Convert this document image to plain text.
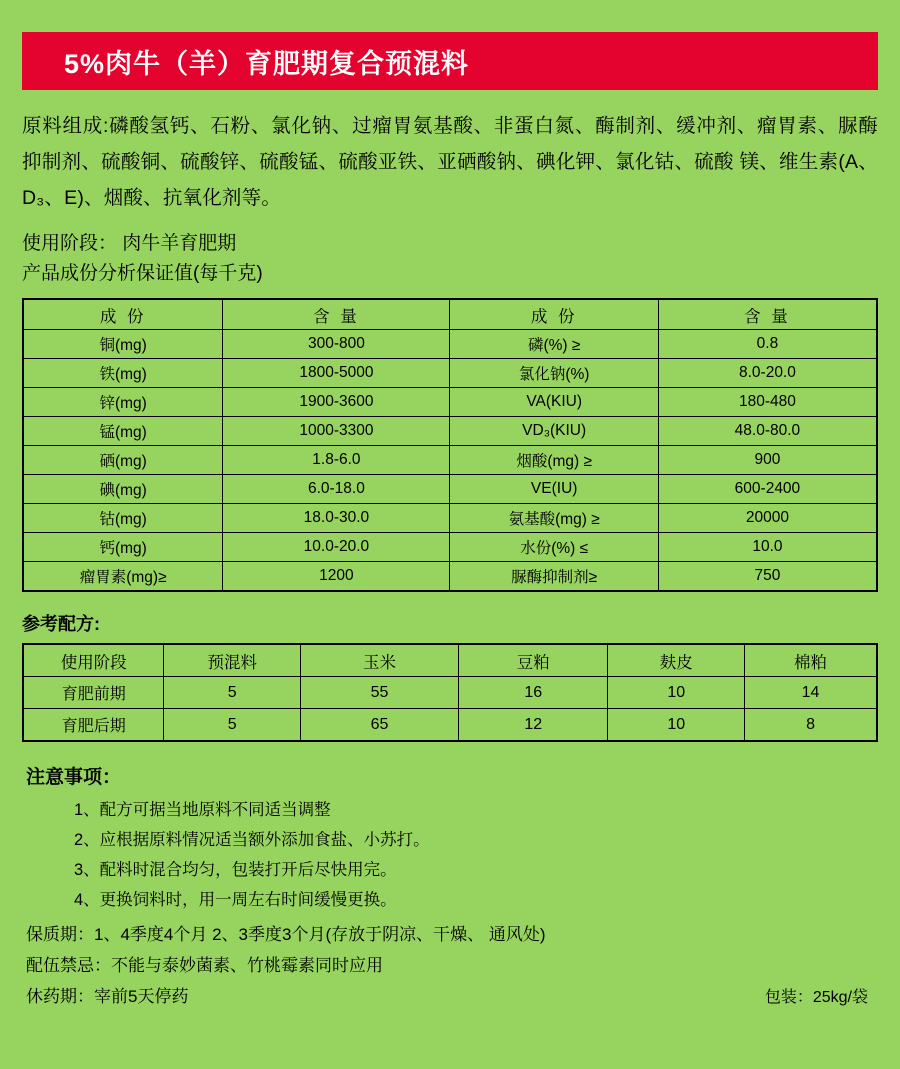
5%肉牛（羊）育肥期复合预混料
原料组成:磷酸氢钙、石粉、氯化钠、过瘤胃氨基酸、非蛋白氮、酶制剂、缓冲剂、瘤胃素、脲酶 抑制剂、硫酸铜、硫酸锌、硫酸锰、硫酸亚铁、亚硒酸钠、碘化钾、氯化钴、硫酸 镁、维生素(A、D₃、E)、烟酸、抗氧化剂等。
使用阶段： 肉牛羊育肥期
产品成份分析保证值(每千克)
成 份	含 量	成 份	含 量
铜(mg)	300-800	磷(%) ≥	0.8
铁(mg)	1800-5000	氯化钠(%)	8.0-20.0
锌(mg)	1900-3600	VA(KIU)	180-480
锰(mg)	1000-3300	VD₃(KIU)	48.0-80.0
硒(mg)	1.8-6.0	烟酸(mg) ≥	900
碘(mg)	6.0-18.0	VE(IU)	600-2400
钴(mg)	18.0-30.0	氨基酸(mg) ≥	20000
钙(mg)	10.0-20.0	水份(%) ≤	10.0
瘤胃素(mg)≥	1200	脲酶抑制剂≥	750
参考配方:
使用阶段	预混料	玉米	豆粕	麸皮	棉粕
育肥前期	5	55	16	10	14
育肥后期	5	65	12	10	8
注意事项：
1、配方可据当地原料不同适当调整
2、应根据原料情况适当额外添加食盐、小苏打。
3、配料时混合均匀，包装打开后尽快用完。
4、更换饲料时，用一周左右时间缓慢更换。
保质期：1、4季度4个月 2、3季度3个月(存放于阴凉、干燥、 通风处)
配伍禁忌：不能与泰妙菌素、竹桃霉素同时应用
休药期：宰前5天停药	包装：25kg/袋
